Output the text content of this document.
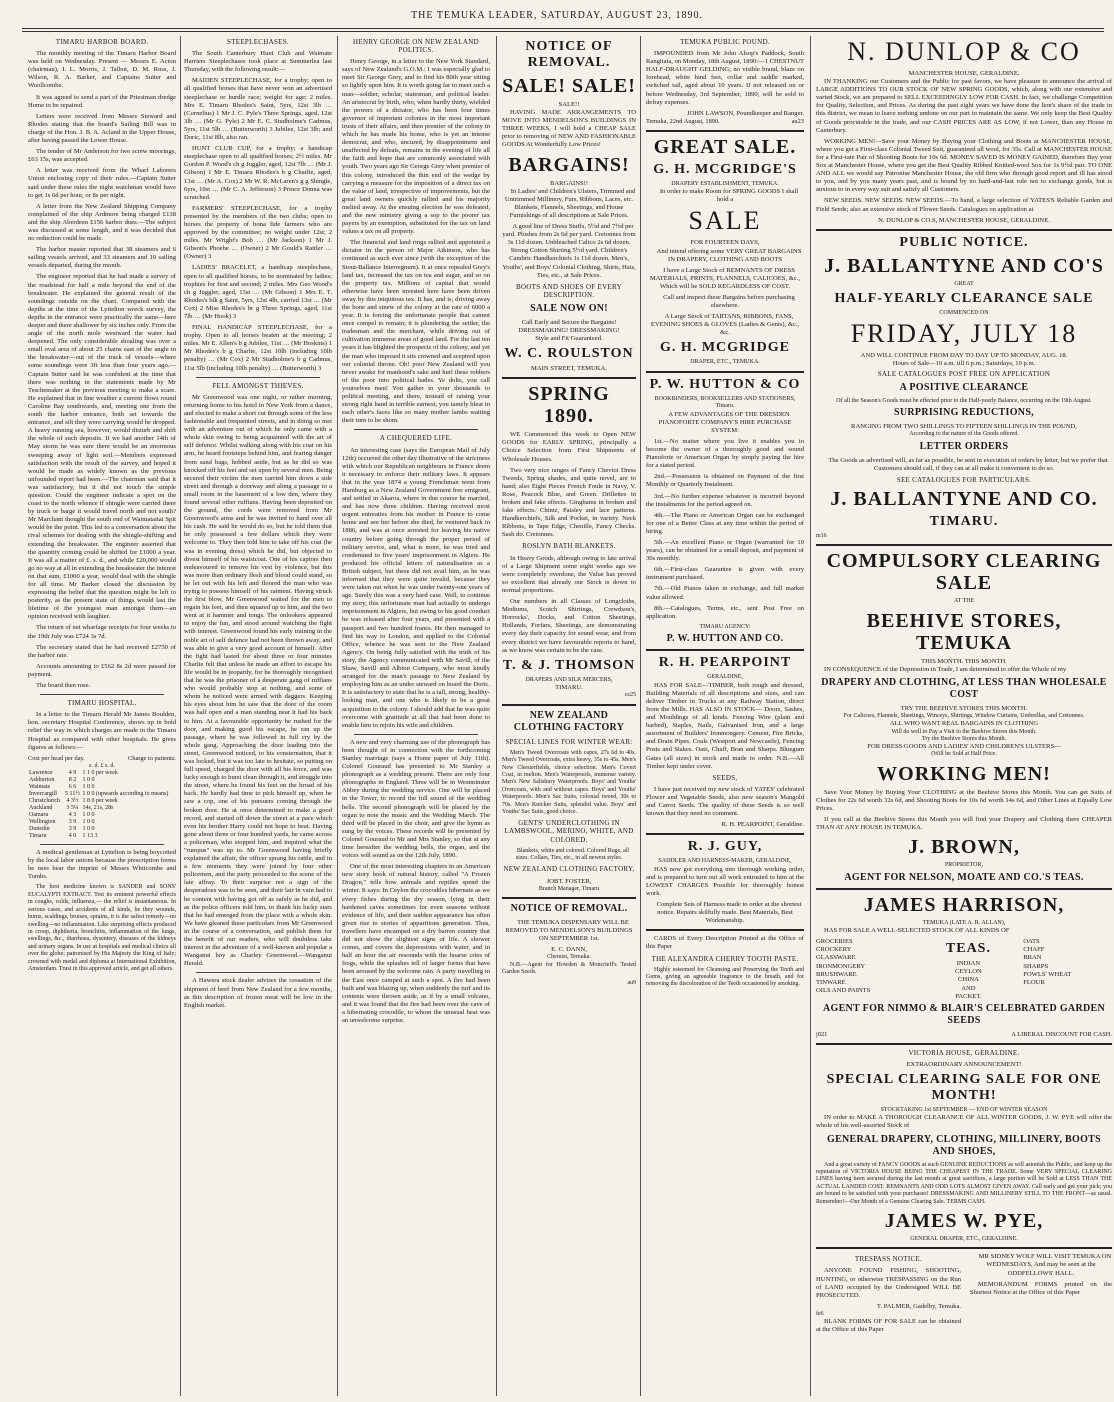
THE TEMUKA LEADER, SATURDAY, AUGUST 23, 1890.
TIMARU HARBOR BOARD.

The monthly meeting of the Timaru Harbor Board was held on Wednesday. Present — Messrs E. Acton (chairman), I. L. Morris, J. Talbot, D. M. Ross, J. Wilson, R. A. Barker, and Captains Sutter and Woollcombe.

It was agreed to send a part of the Priestman dredge Home to be repaired.

Letters were received from Messrs Steward and Rhodes stating that the board's Sailing Bill was in charge of the Hon. J. B. A. Acland in the Upper House, after having passed the Lower House.

The tender of Mr Anderson for two screw moorings, £63 15s, was accepted.

A letter was received from the Wharf Laborers Union enclosing copy of their rules.—Captain Sutter said under these rules the night watchman would have to get 1s 6d per hour, or 8s per night.

A letter from the New Zealand Shipping Company complained of the ship Ardmore being charged £138 and the ship Aberdeen £156 harbor dues.—The subject was discussed at some length, and it was decided that no reduction could be made.

The harbor master reported that 38 steamers and 6 sailing vessels arrived, and 33 steamers and 10 sailing vessels departed, during the month.

The engineer reported that he had made a survey of the roadstead for half a mile beyond the end of the breakwater. He explained the general result of the soundings outside on the chart. Compared with the depths at the time of the Lyttelton wreck survey, the depths in the entrance were practically the same—here deeper and there shallower by six inches only. From the angle of the north mole westward the water had deepened. The only considerable shoaling was over a small oval area of about 25 chains east of the angle in the breakwater—out of the track of vessels—where some soundings were 3ft less than four years ago.—Captain Sutter said he was confident at the time that there was nothing in the statements made by Mr Teschemaker at the previous meeting to make a scare. He explained that in fine weather a current flows round Caroline Bay southwards, and, meeting one from the south the harbor entrance, both set towards the entrance, and silt they were carrying would be dropped. A heavy running sea, however, would disturb and shift the whole of such deposits. If we had another 14th of May storm he was sure there would be an enormous sweeping away of light soil.—Members expressed satisfaction with the result of the survey, and hoped it would be made as widely known as the previous unfounded report had been.—The chairman said that it was satisfactory, but it did not touch the simple question. Could the engineer indicate a spot on the coast to the north whence if shingle were carried there by truck or barge it would travel north and not south? Mr Marchant thought the south end of Waimataitai Spit would be the point. This led to a conversation about the rival schemes for dealing with the shingle-shifting and extending the breakwater. The engineer asserted that the quantity coming could be shifted for £1000 a year. It was all a matter of £. s. d., and while £20,000 would go no way at all in extending the breakwater the interest on that sum, £1000 a year, would deal with the shingle for all time. Mr Barker closed the discussion by expressing the belief that the question might be left to posterity, as the present state of things would last the lifetime of the youngest man amongst them—an opinion received with laughter.

The return of net wharfage receipts for four weeks to the 19th July was £724 3s 7d.

The secretary stated that he had received £2750 of the harbor rate.

Accounts amounting to £562 8s 2d were passed for payment.

The board then rose.

TIMARU HOSPITAL.

In a letter to the Timaru Herald Mr James Boulden, hon. secretary Hospital Conference, shows up in bold relief the way in which charges are made in the Timaru Hospital as compared with other hospitals. He gives figures as follows:—

Cost per head per day.	Charge to patients.
s. d. £ s. d.
Lawrence	4 9	1 1 0 per week
Ashburton	8 2	1 0 0
Waimate	6 6	1 0 0
Invercargill	5 11½	1 0 0 (upwards according to means)
Christchurch	4 3½	1 8 0 per week
Auckland	3 5¼	14s, 21s, 28s
Oamaru	4 3	1 0 0
Wellington	3 9	1 0 0
Dunedin	3 9	1 0 0
Timaru	4 0	1 13 3

A medical gentleman at Lyttelton is being boycotted by the local labor unions because the prescription forms he uses bear the imprint of Messrs Whitcombe and Tombs.

The best medicine known is SANDER and SONS' EUCALYPTI EXTRACT. Test its eminent powerful effects in coughs, colds, influenza,— the relief is instantaneous. In serious cases, and accidents of all kinds, be they wounds, burns, scaldings, bruises, sprains, it is the safest remedy—no swelling—no inflammation. Like surprising effects produced in croup, diphtheria, bronchitis, inflammation of the lungs, swellings, &c., diarrhoea, dysentery, diseases of the kidneys and urinary organs. In use at hospitals and medical clinics all over the globe; patronised by His Majesty the King of Italy; crowned with medal and diploma at International Exhibition, Amsterdam. Trust in this approved article, and get all others.

STEEPLECHASES.

The South Canterbury Hunt Club and Waimate Harriers Steeplechases took place at Summerlea last Thursday, with the following result:—

MAIDEN STEEPLECHASE, for a trophy; open to all qualified horses that have never won an advertised steeplechase or hurdle race; weight for age; 2 miles. Mrs E. Timaru Rhodes's Saint, 5yrs, 12st 3lb … (Cornelius) 1 Mr J. C. Pyle's Three Springs, aged, 12st 3lb … (Mr G. Pyle) 2 Mr E. C. Studholme's Cadmus, 5yrs, 11st 5lb … (Butterworth) 3 Jubilee, 12st 3lb; and Doric, 11st 8lb, also ran.

HUNT CLUB CUP, for a trophy; a handicap steeplechase open to all qualified horses; 2½ miles. Mr Gordon P. Wood's ch g Juggler, aged, 12st 7lb … (Mr J. Gibson) 1 Mr E. Timaru Rhodes's b g Charlie, aged, 13st … (Mr A. Cox) 2 Mr W. R. McLaren's g g Shingle, 6yrs, 10st … (Mr C. A. Jefferson) 3 Prince Donna was scratched.

FARMERS' STEEPLECHASE, for a trophy presented by the members of the two clubs; open to horses the property of bona fide farmers who are approved by the committee; no weight under 12st; 2 miles. Mr Wright's Bob … (Mr Jackson) 1 Mr J. Gibson's Phoebe … (Owner) 2 Mr Gould's Rattler … (Owner) 3

LADIES' BRACELET, a handicap steeplechase, open to all qualified horses, to be nominated by ladies; trophies for first and second; 2 miles. Mrs Geo Wood's ch g Juggler, aged, 13st … (Mr Gibson) 1 Mrs E. T. Rhodes's blk g Saint, 5yrs, 12st 4lb, carried 13st … (Mr Cox) 2 Miss Rhodes's br g Three Springs, aged, 11st 7lb … (Mr Hook) 3

FINAL HANDICAP STEEPLECHASE, for a trophy. Open to all horses beaten at the meeting; 2 miles. Mr E. Allen's b g Jubilee, 11st … (Mr Hoskins) 1 Mr Rhodes's b g Charlie, 12st 10lb (including 10lb penalty) … (Mr Cox) 2 Mr Studholme's b g Cadmus, 11st 5lb (including 10lb penalty) … (Butterworth) 3

FELL AMONGST THIEVES.

Mr Greenwood was one night, or rather morning, returning home to his hotel in New York from a dance, and elected to make a short cut through some of the less fashionable and frequented streets, and in doing so met with an adventure out of which he only came with a whole skin owing to being acquainted with the art of self defence. Whilst walking along with his coat on his arm, he heard footsteps behind him, and fearing danger from sand bags, hobbed aside, but as he did so was knocked off his feet and set upon by several men. Being secured their victim the men carried him down a side street and through a doorway and along a passage to a small room in the basement of a low den, where they found several other ruffians. Having been deposited on the ground, the cords were removed from Mr Greenwood's arms and he was invited to hand over all his cash. He said he would do so, but he told them that he only possessed a few dollars which they were welcome to. They then told him to take off his coat (he was in evening dress) which he did, but objected to divest himself of his waistcoat. One of his captors then endeavoured to remove his vest by violence, but this was more than ordinary flesh and blood could stand, so he let out with his left and floored the man who was trying to possess himself of his raiment. Having struck the first blow, Mr Greenwood waited for the men to regain his feet, and then squared up to him, and the two went at it hammer and tongs. The onlookers appeared to enjoy the fun, and stood around watching the fight with interest. Greenwood found his early training in the noble art of self defence had not been thrown away, and was able to give a very good account of himself. After the fight had lasted for about three or four minutes Charlie felt that unless he made an effort to escape his life would be in jeopardy, for he thoroughly recognised that he was the prisoner of a desperate gang of ruffians who would probably stop at nothing, and some of whom he noticed were armed with daggers. Keeping his eyes about him he saw that the door of the room was half open and a man standing near it had his back to him. At a favourable opportunity he rushed for the door, and making good his escape, he ran up the passage, where he was followed in full cry by the whole gang. Approaching the door leading into the street, Greenwood noticed, to his consternation, that it was locked, but it was too late to hesitate, so putting on full speed, charged the door with all his force, and was lucky enough to burst clean through it, and struggle into the street, where he found his feet on the broad of his back. He hardly had time to pick himself up, when he saw a cop, one of his pursuers coming through the broken door. He at once determined to make a good record, and started off down the street at a pace which even his brother Harry could not hope to beat. Having gone about three or four hundred yards, he came across a policeman, who stopped him, and inquired what the "rumpus" was up to. Mr Greenwood having briefly explained the affair, the officer sprang his rattle, and in a few moments they were joined by four other policemen, and the party proceeded to the scene of the late affray. To their surprise not a sign of the desperadoes was to be seen, and their lair in vain had to be content with having got off as safely as he did, and as the police officers told him, to thank his lucky stars that he had emerged from the place with a whole skin. We have gleaned these particulars from Mr Greenwood in the course of a conversation, and publish them for the benefit of our readers, who will doubtless take interest in the adventure of a well-known and popular a Wanganui boy as Charley Greenwood.—Wanganui Herald.

A Hawera stock dealer advises the cessation of the shipment of beef from New Zealand for a few months, as this description of frozen meat will be low in the English market.

HENRY GEORGE ON NEW ZEALAND POLITICS.

Henry George, in a letter to the New York Standard, says of New Zealand's G.O.M.: I was especially glad to meet Sir George Grey, and to find his 80th year sitting so lightly upon him. It is worth going far to meet such a man—soldier, scholar, statesman, and political leader. An aristocrat by birth, who, when hardly thirty, wielded the powers of a dictator, who has been four times governor of important colonies in the most important trusts of their affairs, and then premier of the colony in which he has made his home, who is yet an intense democrat, and who, uncured, by disappointment and unaffected by defeats, remains in the evening of life all the faith and hope that are commonly associated with youth. Two years ago Sir George Grey when premier of this colony, introduced the thin end of the wedge by carrying a measure for the imposition of a direct tax on the value of land, irrespective of improvements, but the great land owners quickly rallied and his majority melted away. At the ensuing election he was defeated, and the new ministry giving a sop to the poorer tax payers by an exemption, substituted for the tax on land values a tax on all property.

The financial and land rings rallied and appointed a dictator in the person of Major Atkinson, who has continued as such ever since (with the exception of the Stout-Ballance Interregnum). It at once repealed Grey's land tax, increased the tax on tea and sugar, and so on the property tax. Millions of capital that would otherwise have been invested here have been driven away by this iniquitous tax. It has, and is, driving away the bone and sinew of the colony at the rate of 6000 a year. It is forcing the unfortunate people that cannot once compel to remain; it is plundering the settler, the tradesman and the merchant, while driving out of cultivation immense areas of good land. For the last ten years it has blighted the prospects of the colony, and yet the man who imposed it sits crowned and sceptred upon our colonial throne. Oh! poor New Zealand will you never awake for manhood's sake and hurl these robbers of the poor into political hades. Ye dolts, you call yourselves men! You gather in your thousands to political meeting, and there, instead of raising your strong right hand in terrible earnest, you tamely bleat in each other's faces like so many mother lambs waiting their turn to be shorn.

A CHEQUERED LIFE.

An interesting case (says the European Mail of July 12th) occurred the other day illustrative of the strictness with which our Republican neighbours in France deem it necessary to enforce their military laws. It appears that in the year 1874 a young Frenchman went from Hamburg as a New Zealand Government free emigrant, and settled in Akaroa, where in due course he married, and has now three children. Having received most urgent entreaties from his mother in France to come home and see her before she died, he ventured back in 1886, and was at once arrested for leaving his native country before going through the proper period of military service, and, what is more, he was tried and condemned to five years' imprisonment in Algiers. He produced his official letters of naturalisation as a British subject, but these did not avail him, as he was informed that they were quite invalid, because they were taken out when he was under twenty-one years of age. Surely this was a very hard case. Well, to continue my story, this unfortunate man had actually to undergo imprisonment in Algiers, but owing to his good conduct he was released after four years, and presented with a passport and two hundred francs. He then managed to find his way to London, and applied to the Colonial Office, whence he was sent to the New Zealand Agency. On being fully satisfied with the truth of his story, the Agency communicated with Mr Savill, of the Shaw, Savill and Albion Company, who most kindly arranged for the man's passage to New Zealand by employing him as an under steward on board the Doric. It is satisfactory to state that he is a tall, strong, healthy-looking man, and one who is likely to be a great acquisition to the colony. I should add that he was quite overcome with gratitude at all that had been done to enable him to rejoin his wife and children.

A new and very charming use of the phonograph has been thought of in connection with the forthcoming Stanley marriage (says a Home paper of July 11th). Colonel Gouraud has presented to Mr Stanley a phonograph as a wedding present. There are only four phonographs in England. Three will be in Westminster Abbey during the wedding service. One will be placed in the Tower, to record the full sound of the wedding bells. The second phonograph will be placed by the organ to note the music and the Wedding March. The third will be placed in the choir, and give the hymn as sung by the voices. These records will be presented by Colonel Gouraud to Mr and Mrs Stanley, so that at any time hereafter the wedding bells, the organ, and the voices will sound as on the 12th July, 1890.

One of the most interesting chapters in an American new story book of natural history, called "A Frozen Dragon," tells how animals and reptiles spend the winter. It says: In Ceylon the crocodiles hibernate as we every fishes during the dry season, lying in their hardened caves sometimes for even seasons without evidence of life, and their sudden appearance has often given rise to stories of apparitions generation. Thus, travellers have encamped on a dry barren country that did not show the slightest signs of life. A shower comes, and covers the depressions with water, and in half an hour the air resounds with the hoarse cries of frogs, while the splashes tell of larger forms that have been aroused by the welcome rain. A party travelling in the East once camped at such a spot. A fire had been built and was blazing up, when suddenly the turf and its contents were thrown aside, as if by a small volcano, and it was found that the fire had been over the cave of a hibernating crocodile, to whom the unusual heat was an unwelcome surprise.

NOTICE OF REMOVAL.
SALE! SALE!
SALE!!

HAVING MADE ARRANGEMENTS TO MOVE INTO MENDELSON'S BUILDINGS IN THREE WEEKS, I will hold a CHEAP SALE prior to removing of NEW AND FASHIONABLE GOODS At Wonderfully Low Prices!

BARGAINS!
BARGAINS!!

In Ladies' and Children's Ulsters, Trimmed and Untrimmed Millinery, Furs, Ribbons, Laces, etc. Blankets, Flannels, Sheetings, and House Furnishings of all descriptions at Sale Prices.

A good line of Dress Stuffs, 5½d and 7½d per yard. Plushes from 2s 6d per yard. Cretonnes from 3s 11d dozen. Unbleached Calico 2s 6d dozen. Strong Cotton Shirting 5½d yard. Children's Cambric Handkerchiefs 1s 11d dozen. Men's, Youths', and Boys' Colonial Clothing, Shirts, Hats, Ties, etc., at Sale Prices.

BOOTS AND SHOES OF EVERY DESCRIPTION.
SALE NOW ON!
Call Early and Secure the Bargains!
DRESSMAKING! DRESSMAKING!
Style and Fit Guaranteed.
W. C. ROULSTON
MAIN STREET, TEMUKA.
SPRING 1890.

WE Commenced this week to Open NEW GOODS for EARLY SPRING, principally a Choice Selection from First Shipments of Wholesale Houses.

Two very nice ranges of Fancy Cheviot Dress Tweeds, Spring shades, and quite novel, are to hand; also Eight Pieces French Foule in Navy, V. Rose, Peacock Blue, and Green. Drillettes in broken and fake effects. Ginghams in broken and fake effects. Chintz, Paisley and lace patterns. Handkerchiefs, Silk and Pocket, in variety. Neck Ribbons, in Tape Edge, Chenille, Fancy Checks. Sash do. Cretonnes.

ROSLYN BATH BLANKETS.

In Heavy Goods, although owing to late arrival of a Large Shipment some eight weeks ago we were completely overdone, the Value has proved so excellent that already our Stock is down to normal proportions.

Our numbers in all Classes of Longcloths, Mediums, Scotch Shirtings, Crewdson's, Horrocks', Docks, and Cotton Sheetings, Hollands, Forfars, Sheetings, are demonstrating every day their capacity for sound wear, and from every district we have favourable reports to hand, as we know was certain to be the case.

T. & J. THOMSON
DRAPERS AND SILK MERCERS,
TIMARU.
ce25
NEW ZEALAND CLOTHING FACTORY
SPECIAL LINES FOR WINTER WEAR:

Men's Tweed Overcoats with capes, 27s 6d to 40s. Men's Tweed Overcoats, extra heavy, 35s to 45s. Men's New Chesterfields, choice selection. Men's Covert Coat, in melton. Men's Waterproofs, immense variety. Men's New Salisbury Waterproofs. Boys' and Youths' Overcoats, with and without capes. Boys' and Youths' Waterproofs. Men's Sac Suits, colonial tweed, 30s to 70s. Men's Knicker Suits, splendid value. Boys' and Youths' Sac Suits, good choice.

GENTS' UNDERCLOTHING IN LAMBSWOOL, MERINO, WHITE, AND COLORED.

Blankets, white and colored. Colored Rugs, all sizes. Collars, Ties, etc., in all newest styles.

NEW ZEALAND CLOTHING FACTORY,
JOBT. FOSTER,
Branch Manager, Timaru
NOTICE OF REMOVAL.

THE TEMUKA DISPENSARY WILL BE REMOVED TO MENDELSON'S BUILDINGS ON SEPTEMBER 1st.

E. C. DANN,
Chemist, Temuka.

N.B.—Agent for Howden & Moncrieff's Tested Garden Seeds.

au9
TEMUKA PUBLIC POUND.

IMPOUNDED from Mr John Alsop's Paddock, South Rangitata, on Monday, 18th August, 1890:—1 CHESTNUT HALF-DRAUGHT GELDING; no visible brand, blaze on forehead, white hind feet, collar and saddle marked, switched tail, aged about 10 years. If not released on or before Wednesday, 3rd September, 1890, will be sold to defray expenses.

JOHN LAWSON, Poundkeeper and Ranger.
Temuka, 22nd August, 1890.	au23
GREAT SALE.
G. H. MCGRIDGE'S
DRAPERY ESTABLISHMENT, TEMUKA.

In order to make Room for SPRING GOODS I shall hold a

SALE
FOR FOURTEEN DAYS,

And intend offering some VERY GREAT BARGAINS IN DRAPERY, CLOTHING AND BOOTS

I have a Large Stock of REMNANTS OF DRESS MATERIALS, PRINTS, FLANNELS, CALICOES, &c., Which will be SOLD REGARDLESS OF COST.

Call and inspect these Bargains before purchasing elsewhere.

A Large Stock of TARTANS, RIBBONS, FANS, EVENING SHOES & GLOVES (Ladies & Gents), &c., &c.

G. H. MCGRIDGE
DRAPER, ETC., TEMUKA.
P. W. HUTTON & CO
BOOKBINDERS, BOOKSELLERS AND STATIONERS, Timaru.

A FEW ADVANTAGES OF THE DRESDEN PIANOFORTE COMPANY'S HIRE PURCHASE SYSTEM:

1st.—No matter where you live it enables you to become the owner of a thoroughly good and sound Pianoforte or American Organ by simply paying the hire for a stated period.

2nd.—Possession is obtained on Payment of the first Monthly or Quarterly Instalment.

3rd.—No further expense whatever is incurred beyond the instalments for the period agreed on.

4th.—The Piano or American Organ can be exchanged for one of a Better Class at any time within the period of hiring.

5th.—An excellent Piano or Organ (warranted for 10 years), can be obtained for a small deposit, and payment of 30s monthly.

6th.—First-class Guarantee is given with every instrument purchased.

7th.—Old Pianos taken in exchange, and full market value allowed.

8th.—Catalogues, Terms, etc., sent Post Free on application.

TIMARU AGENCY:
P. W. HUTTON AND CO.
R. H. PEARPOINT
GERALDINE,

HAS FOR SALE—TIMBER, both rough and dressed, Building Materials of all descriptions and sizes, and can deliver Timber in Trucks at any Railway Station, direct from the Mills. HAS ALSO IN STOCK— Doors, Sashes, and Mouldings of all kinds. Fencing Wire (plain and barbed), Staples, Nails, Galvanised Iron, and a large assortment of Builders' Ironmongery. Cement, Fire Bricks, and Drain Pipes. Coals (Westport and Newcastle), Fencing Posts and Stakes. Oats, Chaff, Bran and Sharps. Bluegum Gates (all sizes) in stock and made to order. N.B.—All Timber kept under cover.

SEEDS,

I have just received my new stock of YATES' celebrated Flower and Vegetable Seeds, also new season's Mangold and Carrot Seeds. The quality of these Seeds is so well known that they need no comment.

R. H. PEARPOINT, Geraldine.
R. J. GUY,
SADDLER AND HARNESS-MAKER, GERALDINE,

HAS now got everything into thorough working order, and is prepared to turn out all work entrusted to him at the LOWEST CHARGES Possible for thoroughly honest work.

Complete Sets of Harness made to order at the shortest notice. Repairs skilfully made. Best Materials, Best Workmanship.

CARDS of Every Description Printed at the Office of this Paper

THE ALEXANDRA CHERRY TOOTH PASTE.

Highly esteemed for Cleansing and Preserving the Teeth and Gums, giving an agreeable fragrance to the breath, and for removing the discoloration of the Teeth occasioned by smoking.

N. DUNLOP & CO
MANCHESTER HOUSE, GERALDINE.

IN THANKING our Customers and the Public for past favors, we have pleasure to announce the arrival of LARGE ADDITIONS TO OUR STOCK OF NEW SPRING GOODS, which, along with our extensive and varied Stock, we are prepared to SELL EXCEEDINGLY LOW FOR CASH. In fact, we challenge Competition for Quality, Selection, and Prices. As during the past eight years we have done the lion's share of the trade in this district, we mean to leave nothing undone on our part to maintain the same. We only keep the Best Quality of Goods procurable in the trade, and our CASH PRICES ARE AS LOW, if not Lower, than any House in Canterbury.

WORKING MEN!—Save your Money by Buying your Clothing and Boots at MANCHESTER HOUSE, where you get a First-class Colonial Tweed Suit, guaranteed all wool, for 35s. Call at MANCHESTER HOUSE for a First-rate Pair of Shooting Boots for 10s 6d. MONEY SAVED IS MONEY GAINED, therefore Buy your Sox at Manchester House, where you get the Best Quality Ribbed Knitted-wool Sox for 1s 9½d pair. TO ONE AND ALL we would say Patronise Manchester House, the old firm who through good report and ill has stood to you, and by you many years past, and is bound by no hard-and-fast rule not to exchange goods, but is anxious to in every way suit and satisfy all Customers.

NEW SEEDS. NEW SEEDS. NEW SEEDS.—To hand, a large selection of YATES'S Reliable Garden and Field Seeds; also an extensive stock of Flower Seeds. Catalogues on application at

N. DUNLOP & CO.S, MANCHESTER HOUSE, GERALDINE.
PUBLIC NOTICE.
J. BALLANTYNE AND CO'S
GREAT
HALF-YEARLY CLEARANCE SALE
COMMENCED ON
FRIDAY, JULY 18
AND WILL CONTINUE FROM DAY TO DAY UP TO MONDAY, AUG. 18.
Hours of Sale—10 a.m. till 6 p.m.; Saturdays, 10 p.m.
SALE CATALOGUES POST FREE ON APPLICATION
A POSITIVE CLEARANCE
Of all the Season's Goods must be effected prior to the Half-yearly Balance, occurring on the 19th August.
SURPRISING REDUCTIONS,
RANGING FROM TWO SHILLINGS TO FIFTEEN SHILLINGS IN THE POUND,
According to the nature of the Goods offered.
LETTER ORDERS

The Goods as advertised will, as far as possible, be sent in execution of orders by letter, but we prefer that Customers should call, if they can at all make it convenient to do so.

SEE CATALOGUES FOR PARTICULARS.
J. BALLANTYNE AND CO.
TIMARU.
m16
COMPULSORY CLEARING SALE
AT THE
BEEHIVE STORES, TEMUKA
THIS MONTH. THIS MONTH.

IN CONSEQUENCE of the Depression in Trade, I am determined to offer the Whole of my

DRAPERY AND CLOTHING, AT LESS THAN WHOLESALE COST
TRY THE BEEHIVE STORES THIS MONTH.
For Calicoes, Flannels, Sheetings, Winceys, Shirtings, Window Curtains, Umbrellas, and Cretonnes.
ALL WHO WANT REAL BARGAINS IN CLOTHING
Will do well to Pay a Visit to the Beehive Stores this Month.
Try the Beehive Stores this Month.
FOR DRESS GOODS AND LADIES' AND CHILDREN'S ULSTERS—
(Will be Sold at Half Price.
WORKING MEN!

Save Your Money by Buying Your CLOTHING at the Beehive Stores this Month. You can get Suits of Clothes for 22s 6d worth 32s 6d, and Shooting Boots for 10s 6d worth 14s 6d, and Other Lines at Equally Low Prices.

If you call at the Beehive Stores this Month you will find your Drapery and Clothing there CHEAPER THAN AT ANY HOUSE IN TEMUKA.

J. BROWN,
PROPRIETOR,
AGENT FOR NELSON, MOATE AND CO.'S TEAS.
JAMES HARRISON,
TEMUKA (LATE A. R. ALLAN),

HAS FOR SALE A WELL-SELECTED STOCK OF ALL KINDS OF

GROCERIES
CROCKERY
GLASSWARE
IRONMONGERY
BRUSHWARE
TINWARE
OILS AND PAINTS
TEAS.
INDIAN
CEYLON
CHINA
AND
PACKET.
OATS
CHAFF
BRAN
SHARPS
FOWLS' WHEAT
FLOUR
AGENT FOR NIMMO & BLAIR'S CELEBRATED GARDEN SEEDS
j021	A LIBERAL DISCOUNT FOR CASH.
VICTORIA HOUSE, GERALDINE.
EXTRAORDINARY ANNOUNCEMENT!
SPECIAL CLEARING SALE FOR ONE MONTH!
STOCKTAKING 1st SEPTEMBER — END OF WINTER SEASON

IN order to MAKE A THOROUGH CLEARANCE OF ALL WINTER GOODS, J. W. PYE will offer the whole of his well-assorted Stock of

GENERAL DRAPERY, CLOTHING, MILLINERY, BOOTS AND SHOES,

And a great variety of FANCY GOODS at such GENUINE REDUCTIONS as will astonish the Public, and keep up the reputation of VICTORIA HOUSE BEING THE CHEAPEST IN THE TRADE. Some VERY SPECIAL CLEARING LINES having been secured during the last month at great sacrifices, a large portion will be Sold at LESS THAN THE ACTUAL LANDED COST. REMNANTS AND ODD LOTS ALMOST GIVEN AWAY. Call early and get your pick; you are bound to be satisfied with your purchases! DRESSMAKING AND MILLINERY STILL TO THE FRONT—as usual. Remember!—Our Month of a Genuine Clearing Sale. TERMS CASH.

JAMES W. PYE,
GENERAL DRAPER, ETC., GERALDINE.
TRESPASS NOTICE.

ANYONE FOUND FISHING, SHOOTING, HUNTING, or otherwise TRESPASSING on the Run of LAND occupied by the Undersigned WILL BE PROSECUTED.

T. PALMER, Gadelby, Temuka.
fe6

BLANK FORMS OF FOR SALE can be obtained at the Office of this Paper

MR SIDNEY WOLF WILL VISIT TEMUKA ON WEDNESDAYS, And may be seen at the ODDFELLOWS' HALL.

MEMORANDUM FORMS printed on the Shortest Notice at the Office of this Paper
